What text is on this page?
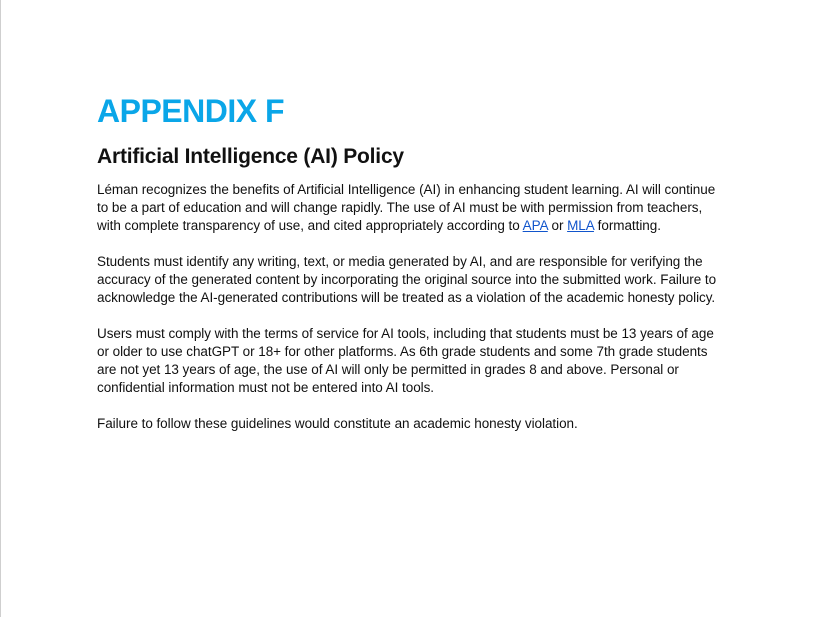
APPENDIX F
Artificial Intelligence (AI) Policy

Léman recognizes the benefits of Artificial Intelligence (AI) in enhancing student learning. AI will continue to be a part of education and will change rapidly. The use of AI must be with permission from teachers, with complete transparency of use, and cited appropriately according to APA or MLA formatting.

Students must identify any writing, text, or media generated by AI, and are responsible for verifying the accuracy of the generated content by incorporating the original source into the submitted work. Failure to acknowledge the AI-generated contributions will be treated as a violation of the academic honesty policy.

Users must comply with the terms of service for AI tools, including that students must be 13 years of age or older to use chatGPT or 18+ for other platforms. As 6th grade students and some 7th grade students are not yet 13 years of age, the use of AI will only be permitted in grades 8 and above. Personal or confidential information must not be entered into AI tools.

Failure to follow these guidelines would constitute an academic honesty violation.
